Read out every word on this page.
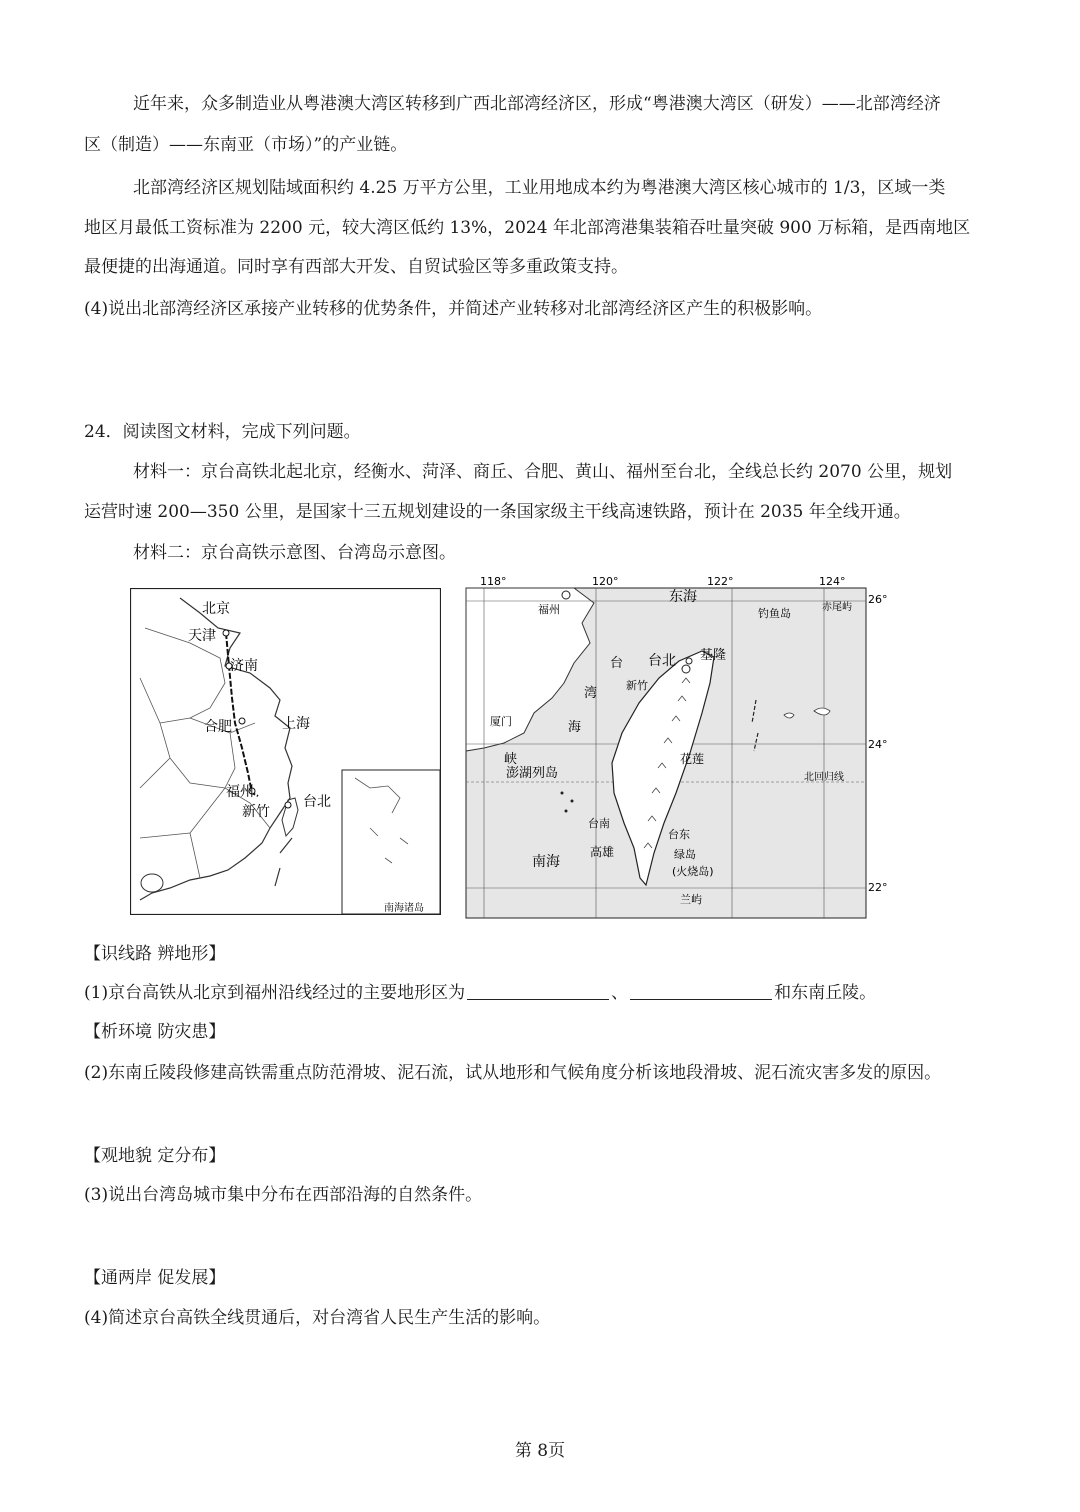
近年来，众多制造业从粤港澳大湾区转移到广西北部湾经济区，形成“粤港澳大湾区（研发）——北部湾经济
区（制造）——东南亚（市场）”的产业链。
北部湾经济区规划陆域面积约 4.25 万平方公里，工业用地成本约为粤港澳大湾区核心城市的 1/3，区域一类
地区月最低工资标准为 2200 元，较大湾区低约 13%，2024 年北部湾港集装箱吞吐量突破 900 万标箱，是西南地区
最便捷的出海通道。同时享有西部大开发、自贸试验区等多重政策支持。
(4)说出北部湾经济区承接产业转移的优势条件，并简述产业转移对北部湾经济区产生的积极影响。
24．阅读图文材料，完成下列问题。
材料一：京台高铁北起北京，经衡水、菏泽、商丘、合肥、黄山、福州至台北，全线总长约 2070 公里，规划
运营时速 200—350 公里，是国家十三五规划建设的一条国家级主干线高速铁路，预计在 2035 年全线开通。
材料二：京台高铁示意图、台湾岛示意图。
北京
天津
济南
合肥	上海
福州
新竹
台北
南海诸岛
118°	120°	122°	124°
26°
24°
22°
东海
福州	钓鱼岛	赤尾屿
台
湾
海
台北 基隆
新竹
厦门
峡
澎湖列岛
花莲
北回归线
台南
台东
高雄	绿岛
(火烧岛)
南海
兰屿
【识线路 辨地形】
(1)京台高铁从北京到福州沿线经过的主要地形区为	、	和东南丘陵。
【析环境 防灾患】
(2)东南丘陵段修建高铁需重点防范滑坡、泥石流，试从地形和气候角度分析该地段滑坡、泥石流灾害多发的原因。
【观地貌 定分布】
(3)说出台湾岛城市集中分布在西部沿海的自然条件。
【通两岸 促发展】
(4)简述京台高铁全线贯通后，对台湾省人民生产生活的影响。
第 8页
